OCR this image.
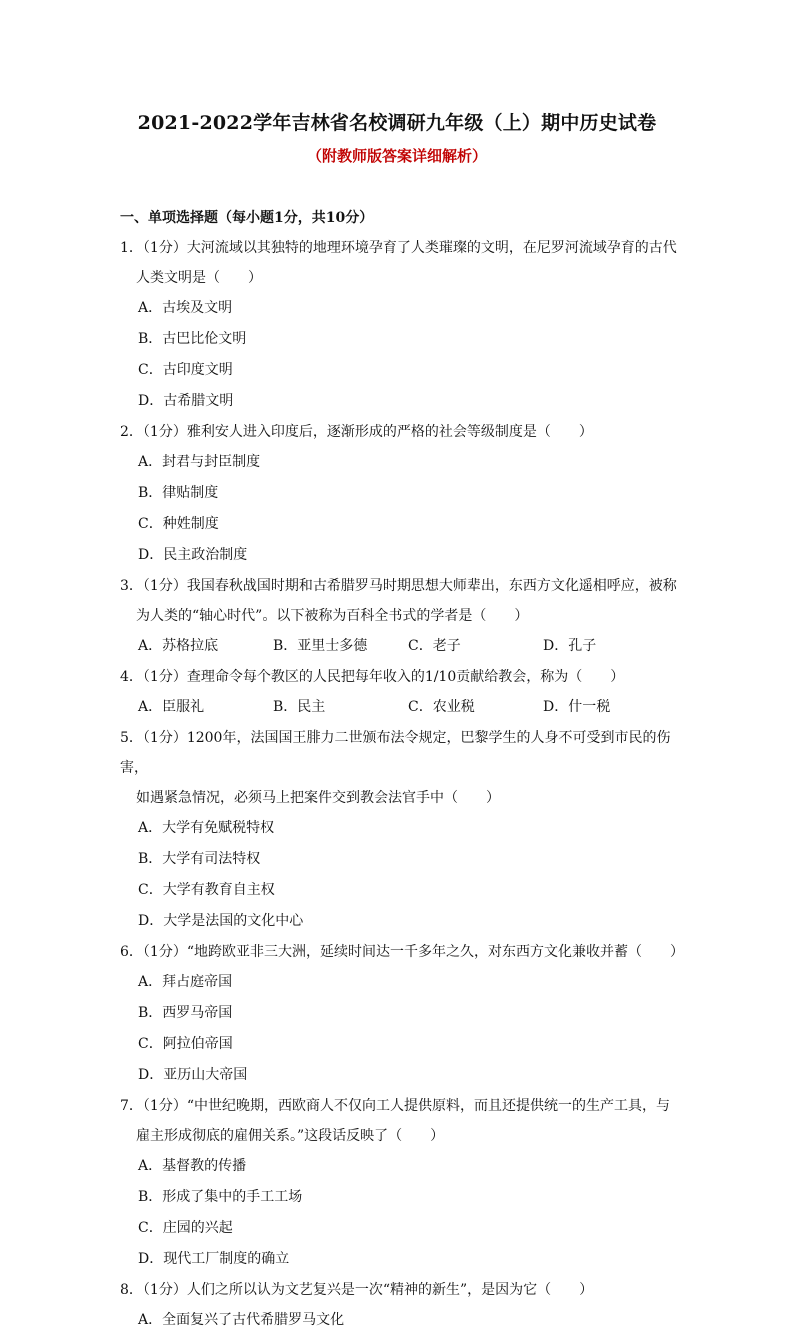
2021-2022学年吉林省名校调研九年级（上）期中历史试卷
（附教师版答案详细解析）
一、单项选择题（每小题1分，共10分）
1．（1分）大河流域以其独特的地理环境孕育了人类璀璨的文明，在尼罗河流域孕育的古代
人类文明是（　　）
A．古埃及文明
B．古巴比伦文明
C．古印度文明
D．古希腊文明
2．（1分）雅利安人进入印度后，逐渐形成的严格的社会等级制度是（　　）
A．封君与封臣制度
B．律贴制度
C．种姓制度
D．民主政治制度
3．（1分）我国春秋战国时期和古希腊罗马时期思想大师辈出，东西方文化遥相呼应，被称
为人类的“轴心时代”。以下被称为百科全书式的学者是（　　）
A．苏格拉底	B．亚里士多德	C．老子	D．孔子
4．（1分）查理命令每个教区的人民把每年收入的1/10贡献给教会，称为（　　）
A．臣服礼	B．民主	C．农业税	D．什一税
5．（1分）1200年，法国国王腓力二世颁布法令规定，巴黎学生的人身不可受到市民的伤害，
如遇紧急情况，必须马上把案件交到教会法官手中（　　）
A．大学有免赋税特权
B．大学有司法特权
C．大学有教育自主权
D．大学是法国的文化中心
6．（1分）“地跨欧亚非三大洲，延续时间达一千多年之久，对东西方文化兼收并蓄（　　）
A．拜占庭帝国
B．西罗马帝国
C．阿拉伯帝国
D．亚历山大帝国
7．（1分）“中世纪晚期，西欧商人不仅向工人提供原料，而且还提供统一的生产工具，与
雇主形成彻底的雇佣关系。”这段话反映了（　　）
A．基督教的传播
B．形成了集中的手工工场
C．庄园的兴起
D．现代工厂制度的确立
8．（1分）人们之所以认为文艺复兴是一次“精神的新生”，是因为它（　　）
A．全面复兴了古代希腊罗马文化
